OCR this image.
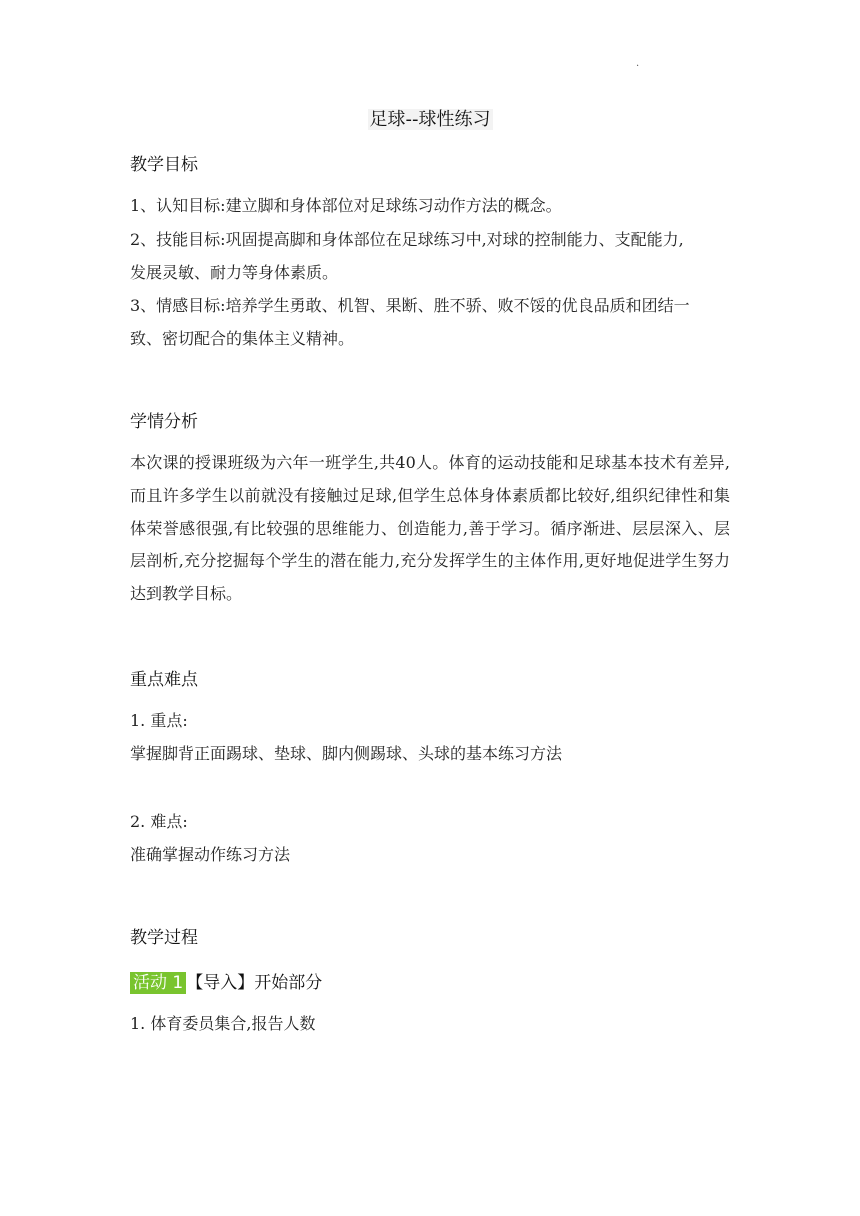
.
足球--球性练习
教学目标
1、认知目标:建立脚和身体部位对足球练习动作方法的概念。
2、技能目标:巩固提高脚和身体部位在足球练习中,对球的控制能力、支配能力,
发展灵敏、耐力等身体素质。
3、情感目标:培养学生勇敢、机智、果断、胜不骄、败不馁的优良品质和团结一
致、密切配合的集体主义精神。
学情分析
本次课的授课班级为六年一班学生,共40人。体育的运动技能和足球基本技术有差异,而且许多学生以前就没有接触过足球,但学生总体身体素质都比较好,组织纪律性和集体荣誉感很强,有比较强的思维能力、创造能力,善于学习。循序渐进、层层深入、层层剖析,充分挖掘每个学生的潜在能力,充分发挥学生的主体作用,更好地促进学生努力达到教学目标。
重点难点
1. 重点:
掌握脚背正面踢球、垫球、脚内侧踢球、头球的基本练习方法
2. 难点:
准确掌握动作练习方法
教学过程
活动 1 【导入】开始部分
1. 体育委员集合,报告人数
